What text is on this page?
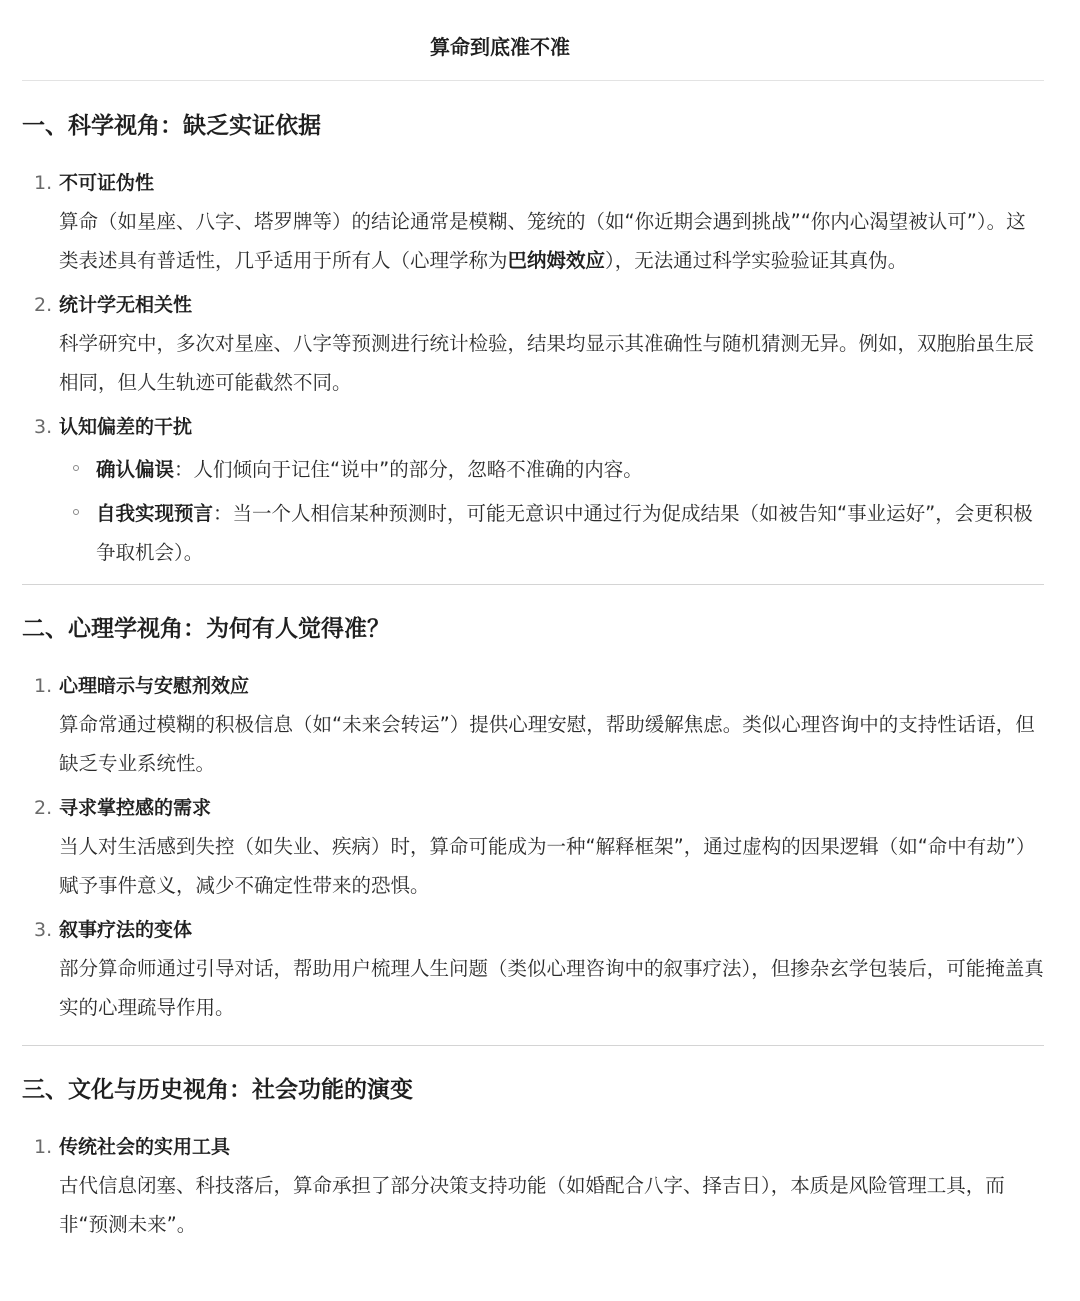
算命到底准不准
一、科学视角：缺乏实证依据
1. 不可证伪性

算命（如星座、八字、塔罗牌等）的结论通常是模糊、笼统的（如“你近期会遇到挑战”“你内心渴望被认可”）。这类表述具有普适性，几乎适用于所有人（心理学称为巴纳姆效应），无法通过科学实验验证其真伪。

2. 统计学无相关性

科学研究中，多次对星座、八字等预测进行统计检验，结果均显示其准确性与随机猜测无异。例如，双胞胎虽生辰相同，但人生轨迹可能截然不同。

3. 认知偏差的干扰
确认偏误：人们倾向于记住“说中”的部分，忽略不准确的内容。
自我实现预言：当一个人相信某种预测时，可能无意识中通过行为促成结果（如被告知“事业运好”，会更积极争取机会）。
二、心理学视角：为何有人觉得准？
1. 心理暗示与安慰剂效应

算命常通过模糊的积极信息（如“未来会转运”）提供心理安慰，帮助缓解焦虑。类似心理咨询中的支持性话语，但缺乏专业系统性。

2. 寻求掌控感的需求

当人对生活感到失控（如失业、疾病）时，算命可能成为一种“解释框架”，通过虚构的因果逻辑（如“命中有劫”）赋予事件意义，减少不确定性带来的恐惧。

3. 叙事疗法的变体

部分算命师通过引导对话，帮助用户梳理人生问题（类似心理咨询中的叙事疗法），但掺杂玄学包装后，可能掩盖真实的心理疏导作用。

三、文化与历史视角：社会功能的演变
1. 传统社会的实用工具

古代信息闭塞、科技落后，算命承担了部分决策支持功能（如婚配合八字、择吉日），本质是风险管理工具，而非“预测未来”。
